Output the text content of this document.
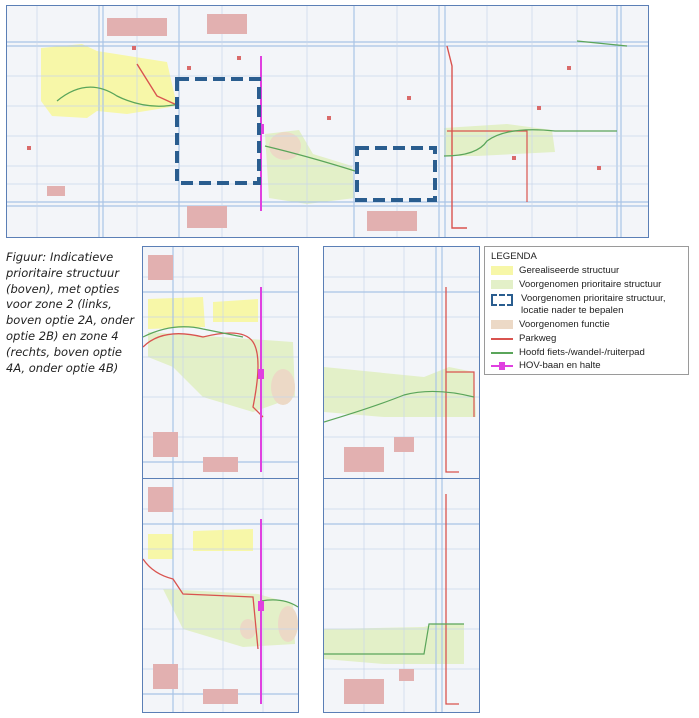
Figuur: Indicatieve prioritaire structuur (boven), met opties voor zone 2 (links, boven optie 2A, onder optie 2B) en zone 4 (rechts, boven optie 4A, onder optie 4B)
LEGENDA
Gerealiseerde structuur
Voorgenomen prioritaire structuur
Voorgenomen prioritaire structuur,
locatie nader te bepalen
Voorgenomen functie
Parkweg
Hoofd fiets-/wandel-/ruiterpad
HOV-baan en halte
